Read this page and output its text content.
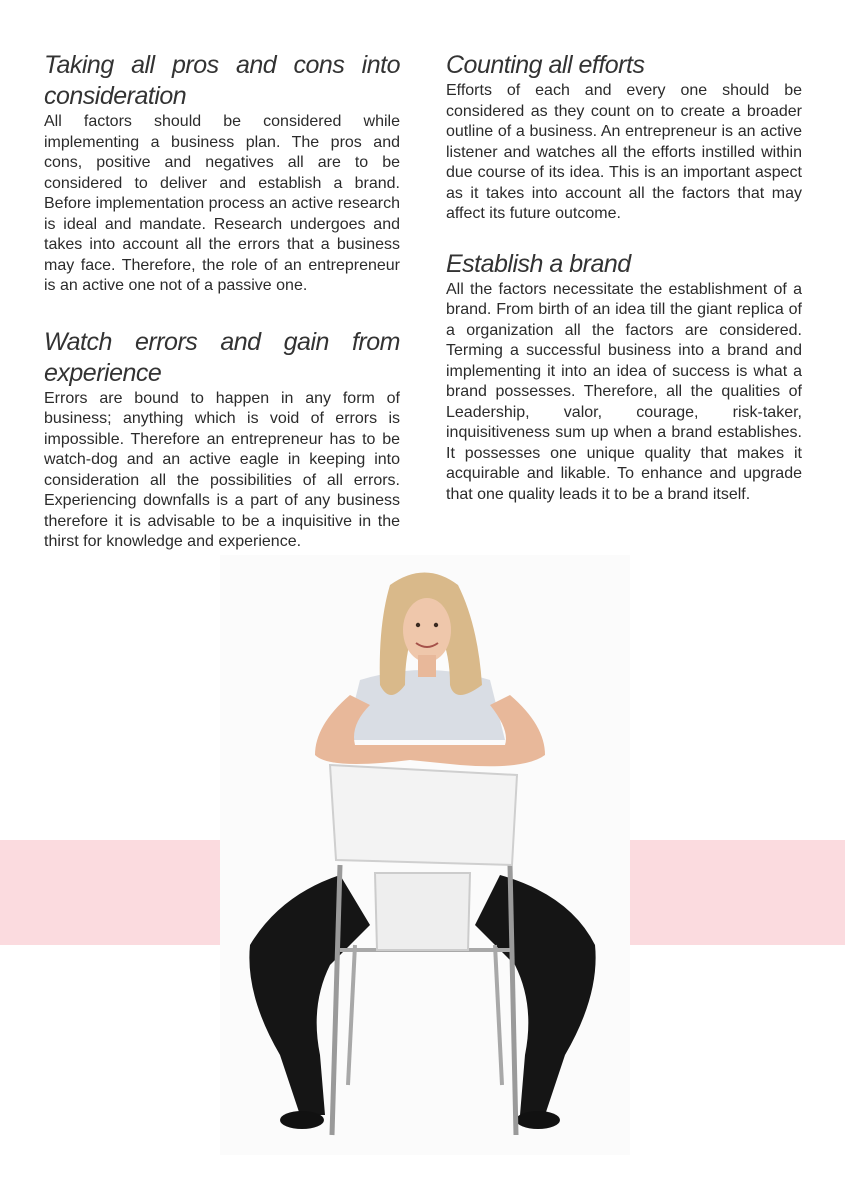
Taking all pros and cons into consideration

All factors should be considered while implementing a business plan. The pros and cons, positive and negatives all are to be considered to deliver and establish a brand. Before implementation process an active research is ideal and mandate. Research undergoes and takes into account all the errors that a business may face. Therefore, the role of an entrepreneur is an active one not of a passive one.

Watch errors and gain from experience

Errors are bound to happen in any form of business; anything which is void of errors is impossible. Therefore an entrepreneur has to be watch-dog and an active eagle in keeping into consideration all the possibilities of all errors. Experiencing downfalls is a part of any business therefore it is advisable to be a inquisitive in the thirst for knowledge and experience.

Counting all efforts

Efforts of each and every one should be considered as they count on to create a broader outline of a business. An entrepreneur is an active listener and watches all the efforts instilled within due course of its idea. This is an important aspect as it takes into account all the factors that may affect its future outcome.

Establish a brand

All the factors necessitate the establishment of a brand. From birth of an idea till the giant replica of a organization all the factors are considered. Terming a successful business into a brand and implementing it into an idea of success is what a brand possesses. Therefore, all the qualities of Leadership, valor, courage, risk-taker, inquisitiveness sum up when a brand establishes. It possesses one unique quality that makes it acquirable and likable. To enhance and upgrade that one quality leads it to be a brand itself.
